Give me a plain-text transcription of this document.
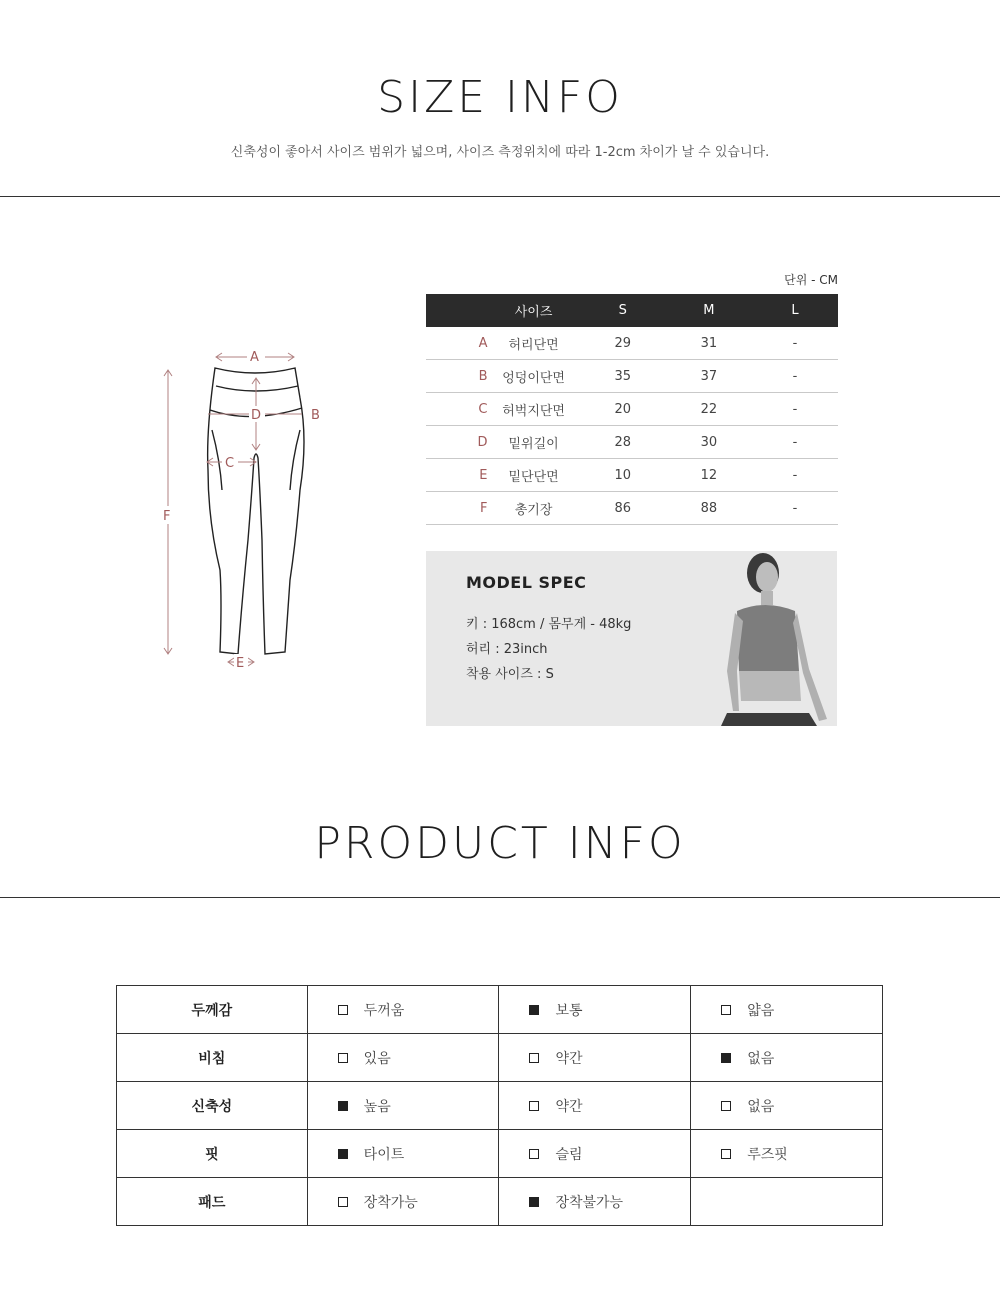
SIZE INFO
신축성이 좋아서 사이즈 범위가 넓으며, 사이즈 측정위치에 따라 1-2cm 차이가 날 수 있습니다.
A
D	B
C
F
E
단위 - CM
	사이즈	S	M	L
A	허리단면	29	31	-
B	엉덩이단면	35	37	-
C	허벅지단면	20	22	-
D	밑위길이	28	30	-
E	밑단단면	10	12	-
F	총기장	86	88	-
MODEL SPEC
키 : 168cm / 몸무게 - 48kg
허리 : 23inch
착용 사이즈 : S
PRODUCT INFO
두께감	두꺼움	보통	얇음

비침	있음	약간	없음

신축성	높음	약간	없음

핏	타이트	슬림	루즈핏

패드	장착가능	장착불가능	
